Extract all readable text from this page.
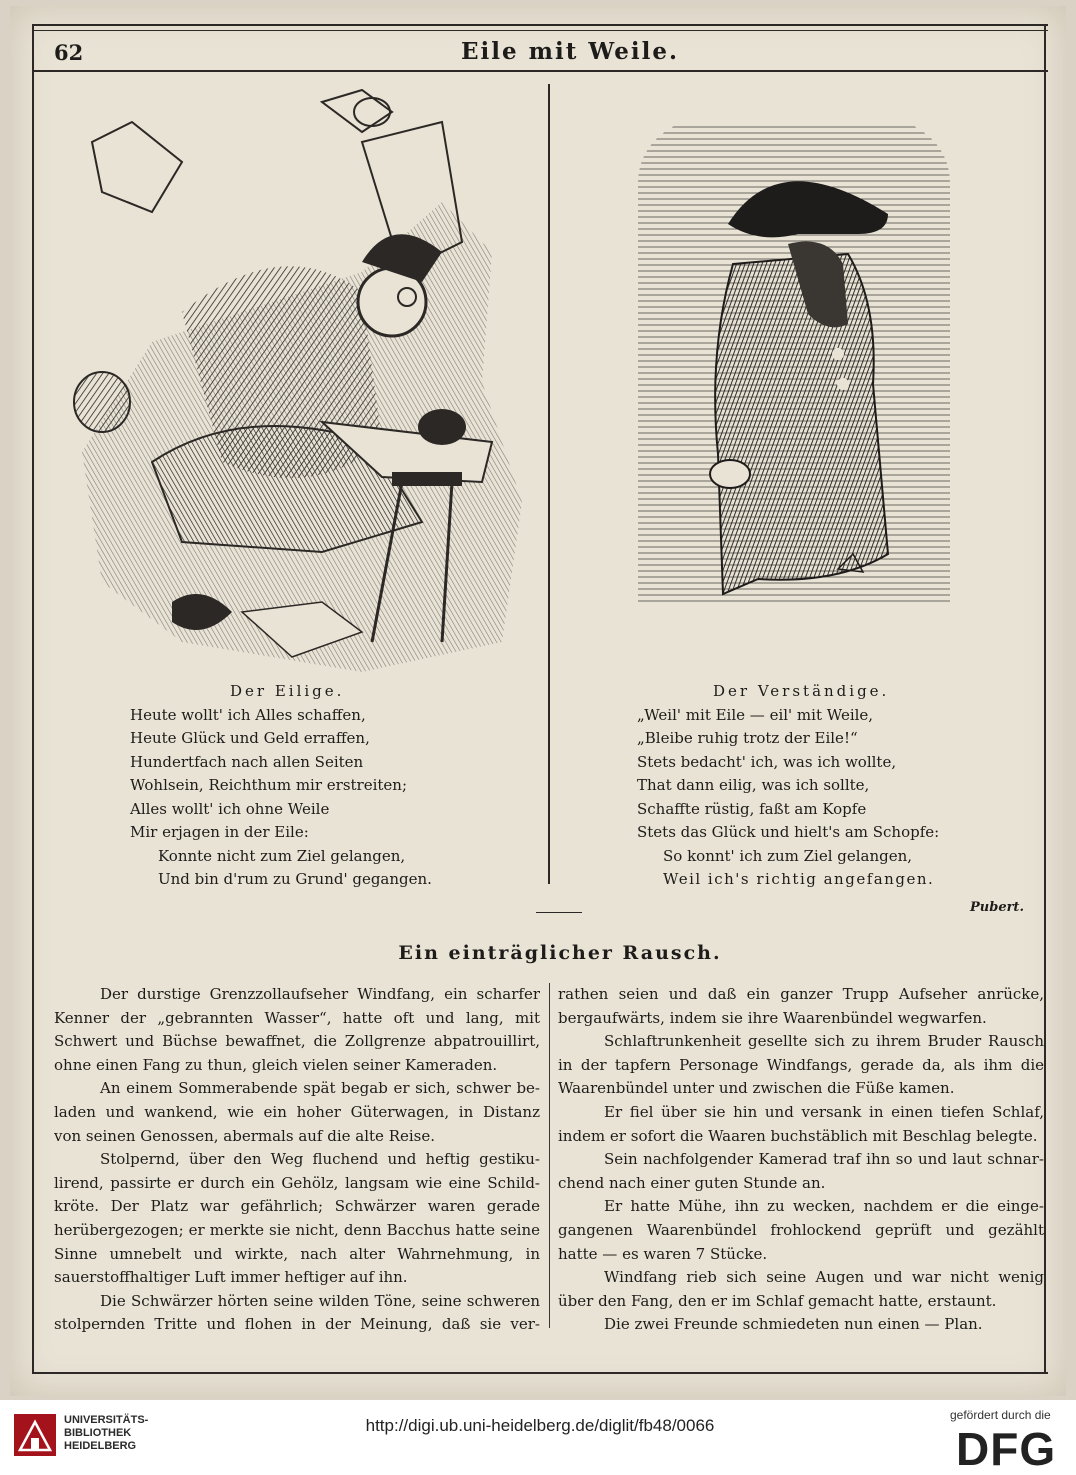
62	Eile mit Weile.
Der Eilige.
Heute wollt' ich Alles schaffen,
Heute Glück und Geld erraffen,
Hundertfach nach allen Seiten
Wohlsein, Reichthum mir erstreiten;
Alles wollt' ich ohne Weile
Mir erjagen in der Eile:
Konnte nicht zum Ziel gelangen,
Und bin d'rum zu Grund' gegangen.
Der Verständige.
„Weil' mit Eile — eil' mit Weile,
„Bleibe ruhig trotz der Eile!“
Stets bedacht' ich, was ich wollte,
That dann eilig, was ich sollte,
Schaffte rüstig, faßt am Kopfe
Stets das Glück und hielt's am Schopfe:
So konnt' ich zum Ziel gelangen,
Weil ich's richtig angefangen.
Pubert.
Ein einträglicher Rausch.

Der durstige Grenzzollaufseher Windfang, ein scharfer

Kenner der „gebrannten Wasser“, hatte oft und lang, mit

Schwert und Büchse bewaffnet, die Zollgrenze abpatrouillirt,

ohne einen Fang zu thun, gleich vielen seiner Kameraden.

An einem Sommerabende spät begab er sich, schwer be-

laden und wankend, wie ein hoher Güterwagen, in Distanz

von seinen Genossen, abermals auf die alte Reise.

Stolpernd, über den Weg fluchend und heftig gestiku-

lirend, passirte er durch ein Gehölz, langsam wie eine Schild-

kröte. Der Platz war gefährlich; Schwärzer waren gerade

herübergezogen; er merkte sie nicht, denn Bacchus hatte seine

Sinne umnebelt und wirkte, nach alter Wahrnehmung, in

sauerstoffhaltiger Luft immer heftiger auf ihn.

Die Schwärzer hörten seine wilden Töne, seine schweren

stolpernden Tritte und flohen in der Meinung, daß sie ver-

rathen seien und daß ein ganzer Trupp Aufseher anrücke,

bergaufwärts, indem sie ihre Waarenbündel wegwarfen.

Schlaftrunkenheit gesellte sich zu ihrem Bruder Rausch

in der tapfern Personage Windfangs, gerade da, als ihm die

Waarenbündel unter und zwischen die Füße kamen.

Er fiel über sie hin und versank in einen tiefen Schlaf,

indem er sofort die Waaren buchstäblich mit Beschlag belegte.

Sein nachfolgender Kamerad traf ihn so und laut schnar-

chend nach einer guten Stunde an.

Er hatte Mühe, ihn zu wecken, nachdem er die einge-

gangenen Waarenbündel frohlockend geprüft und gezählt

hatte — es waren 7 Stücke.

Windfang rieb sich seine Augen und war nicht wenig

über den Fang, den er im Schlaf gemacht hatte, erstaunt.

Die zwei Freunde schmiedeten nun einen — Plan.

UNIVERSITÄTS-
BIBLIOTHEK
HEIDELBERG
http://digi.ub.uni-heidelberg.de/diglit/fb48/0066
gefördert durch die
DFG
